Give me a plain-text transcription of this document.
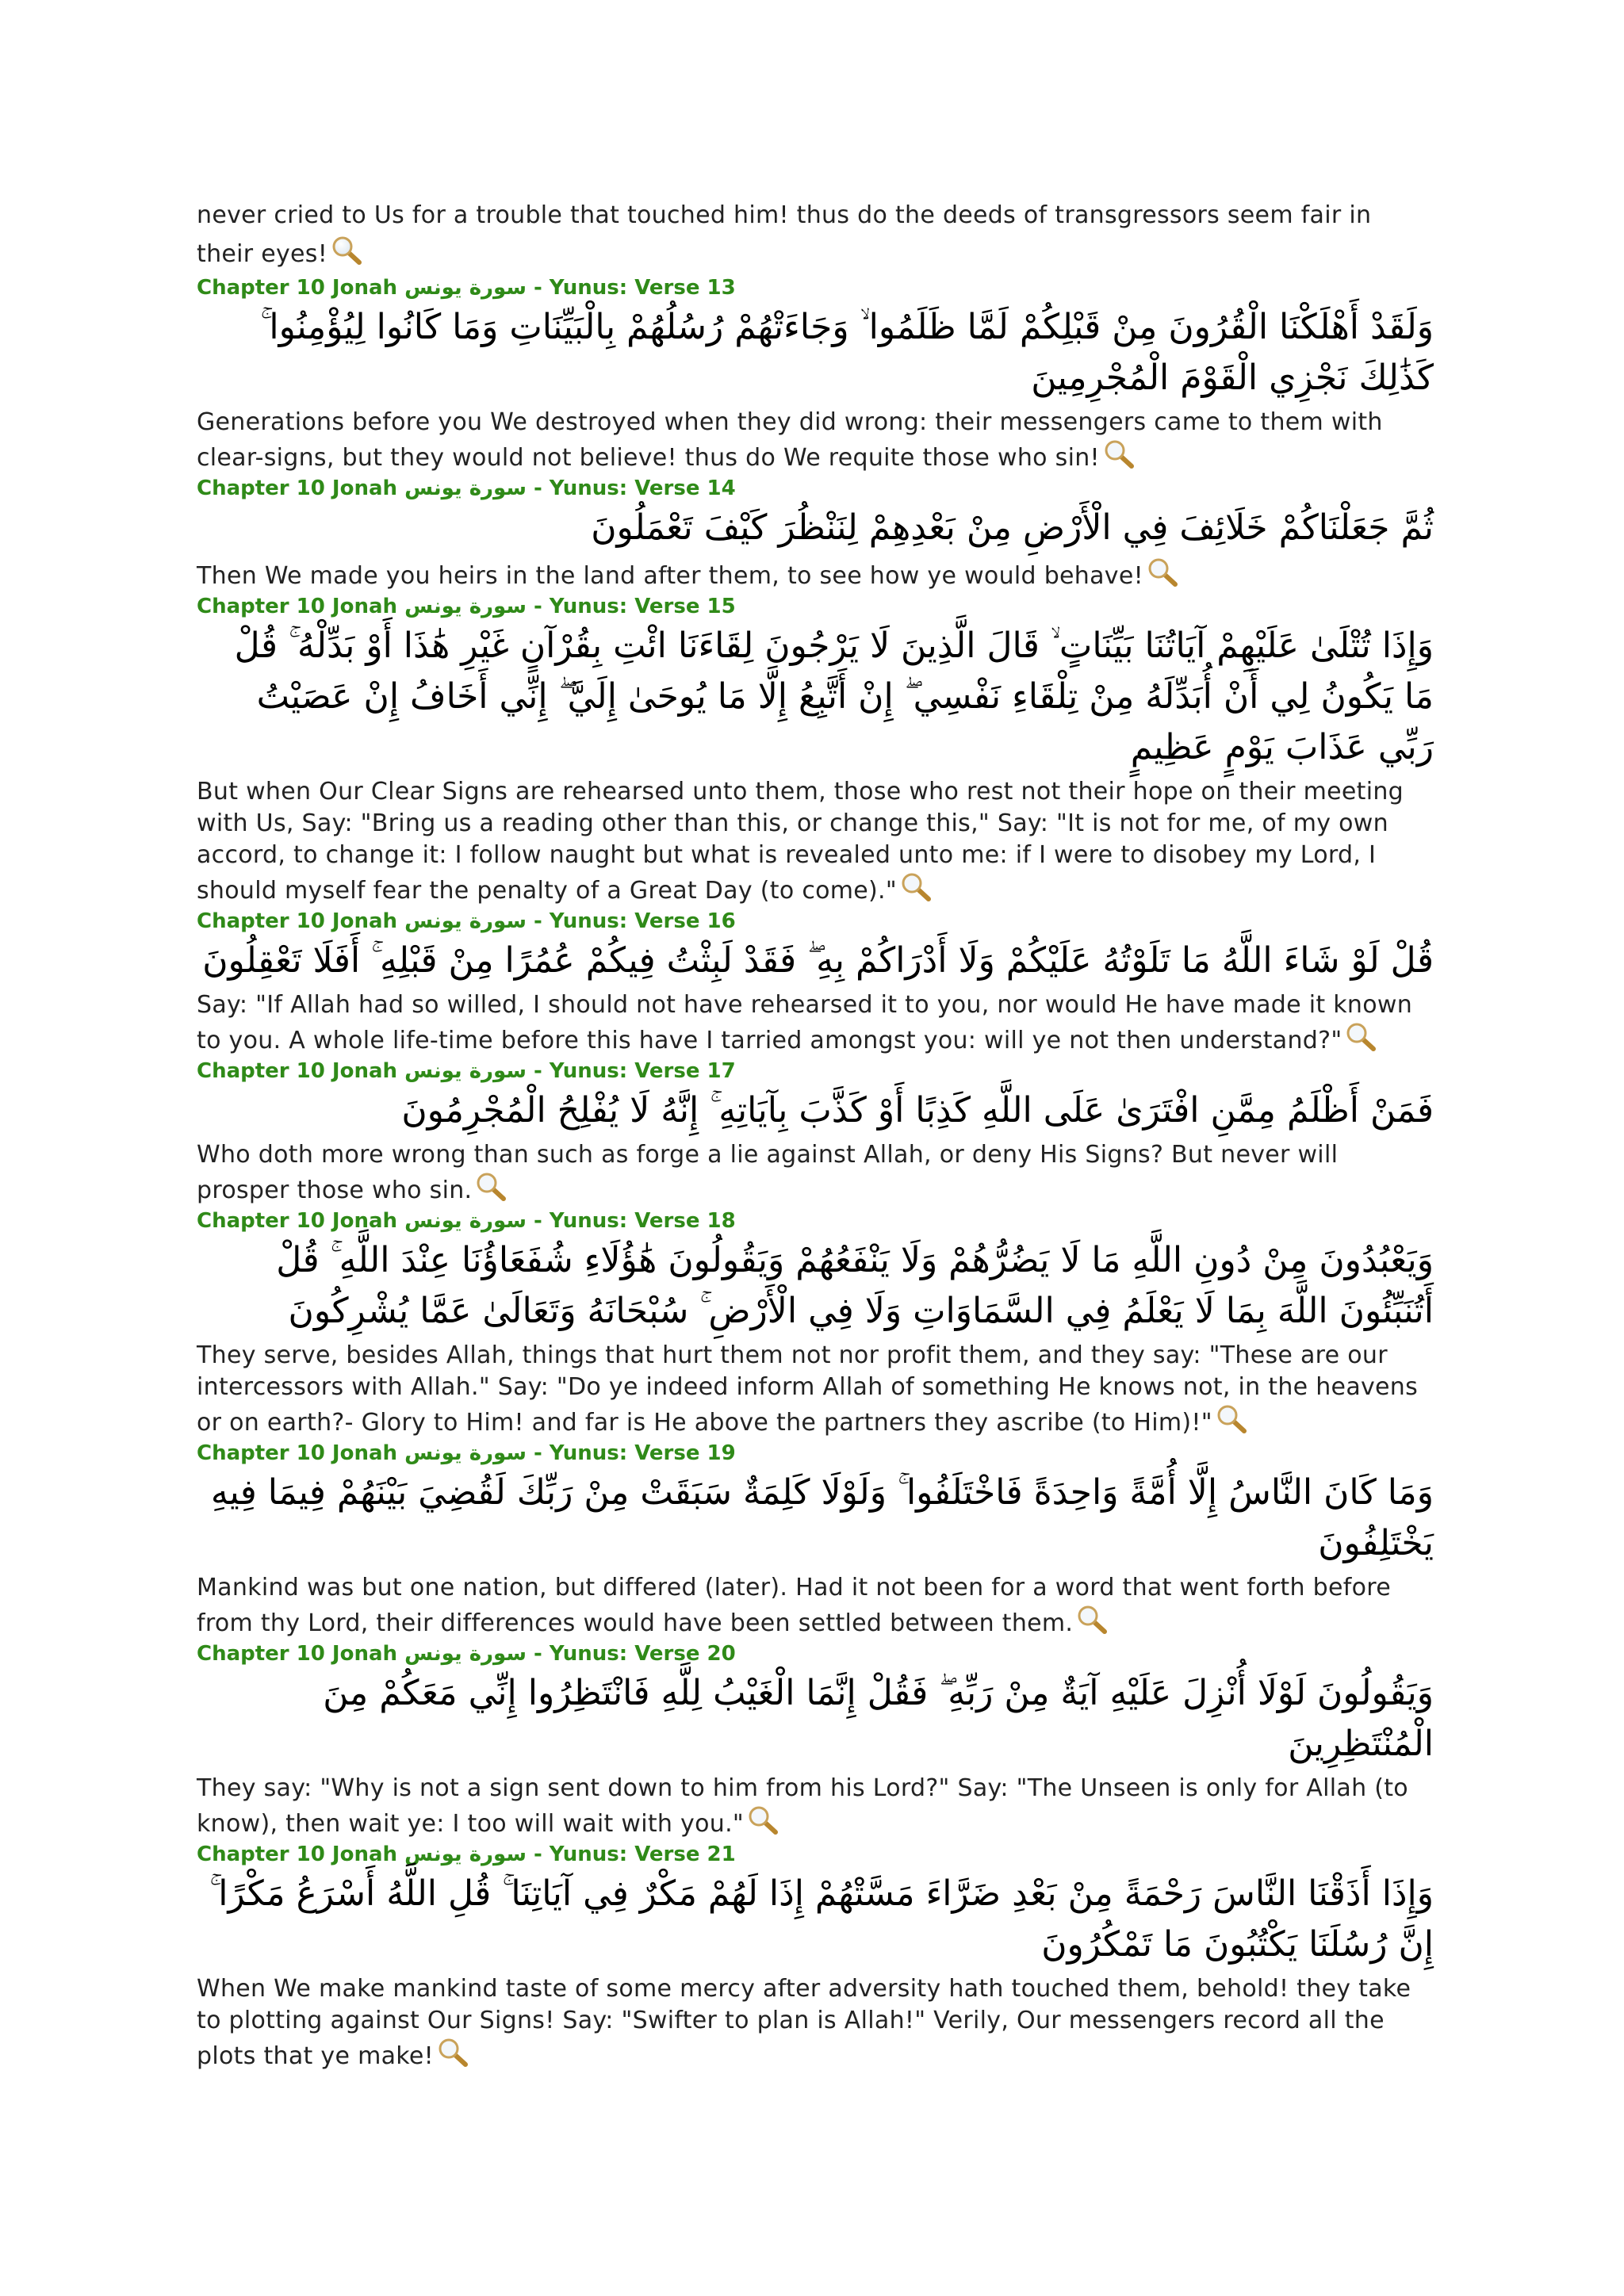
never cried to Us for a trouble that touched him! thus do the deeds of transgressors seem fair in their eyes!
Chapter 10 Jonah سورة يونس - Yunus: Verse 13
وَلَقَدْ أَهْلَكْنَا الْقُرُونَ مِنْ قَبْلِكُمْ لَمَّا ظَلَمُوا ۙ وَجَاءَتْهُمْ رُسُلُهُمْ بِالْبَيِّنَاتِ وَمَا كَانُوا لِيُؤْمِنُوا ۚ كَذَٰلِكَ نَجْزِي الْقَوْمَ الْمُجْرِمِينَ
Generations before you We destroyed when they did wrong: their messengers came to them with clear-signs, but they would not believe! thus do We requite those who sin!
Chapter 10 Jonah سورة يونس - Yunus: Verse 14
ثُمَّ جَعَلْنَاكُمْ خَلَائِفَ فِي الْأَرْضِ مِنْ بَعْدِهِمْ لِنَنْظُرَ كَيْفَ تَعْمَلُونَ
Then We made you heirs in the land after them, to see how ye would behave!
Chapter 10 Jonah سورة يونس - Yunus: Verse 15
وَإِذَا تُتْلَىٰ عَلَيْهِمْ آيَاتُنَا بَيِّنَاتٍ ۙ قَالَ الَّذِينَ لَا يَرْجُونَ لِقَاءَنَا ائْتِ بِقُرْآنٍ غَيْرِ هَٰذَا أَوْ بَدِّلْهُ ۚ قُلْ مَا يَكُونُ لِي أَنْ أُبَدِّلَهُ مِنْ تِلْقَاءِ نَفْسِي ۖ إِنْ أَتَّبِعُ إِلَّا مَا يُوحَىٰ إِلَيَّ ۖ إِنِّي أَخَافُ إِنْ عَصَيْتُ رَبِّي عَذَابَ يَوْمٍ عَظِيمٍ
But when Our Clear Signs are rehearsed unto them, those who rest not their hope on their meeting with Us, Say: "Bring us a reading other than this, or change this," Say: "It is not for me, of my own accord, to change it: I follow naught but what is revealed unto me: if I were to disobey my Lord, I should myself fear the penalty of a Great Day (to come)."
Chapter 10 Jonah سورة يونس - Yunus: Verse 16
قُلْ لَوْ شَاءَ اللَّهُ مَا تَلَوْتُهُ عَلَيْكُمْ وَلَا أَدْرَاكُمْ بِهِ ۖ فَقَدْ لَبِثْتُ فِيكُمْ عُمُرًا مِنْ قَبْلِهِ ۚ أَفَلَا تَعْقِلُونَ
Say: "If Allah had so willed, I should not have rehearsed it to you, nor would He have made it known to you. A whole life-time before this have I tarried amongst you: will ye not then understand?"
Chapter 10 Jonah سورة يونس - Yunus: Verse 17
فَمَنْ أَظْلَمُ مِمَّنِ افْتَرَىٰ عَلَى اللَّهِ كَذِبًا أَوْ كَذَّبَ بِآيَاتِهِ ۚ إِنَّهُ لَا يُفْلِحُ الْمُجْرِمُونَ
Who doth more wrong than such as forge a lie against Allah, or deny His Signs? But never will prosper those who sin.
Chapter 10 Jonah سورة يونس - Yunus: Verse 18
وَيَعْبُدُونَ مِنْ دُونِ اللَّهِ مَا لَا يَضُرُّهُمْ وَلَا يَنْفَعُهُمْ وَيَقُولُونَ هَٰؤُلَاءِ شُفَعَاؤُنَا عِنْدَ اللَّهِ ۚ قُلْ أَتُنَبِّئُونَ اللَّهَ بِمَا لَا يَعْلَمُ فِي السَّمَاوَاتِ وَلَا فِي الْأَرْضِ ۚ سُبْحَانَهُ وَتَعَالَىٰ عَمَّا يُشْرِكُونَ
They serve, besides Allah, things that hurt them not nor profit them, and they say: "These are our intercessors with Allah." Say: "Do ye indeed inform Allah of something He knows not, in the heavens or on earth?- Glory to Him! and far is He above the partners they ascribe (to Him)!"
Chapter 10 Jonah سورة يونس - Yunus: Verse 19
وَمَا كَانَ النَّاسُ إِلَّا أُمَّةً وَاحِدَةً فَاخْتَلَفُوا ۚ وَلَوْلَا كَلِمَةٌ سَبَقَتْ مِنْ رَبِّكَ لَقُضِيَ بَيْنَهُمْ فِيمَا فِيهِ يَخْتَلِفُونَ
Mankind was but one nation, but differed (later). Had it not been for a word that went forth before from thy Lord, their differences would have been settled between them.
Chapter 10 Jonah سورة يونس - Yunus: Verse 20
وَيَقُولُونَ لَوْلَا أُنْزِلَ عَلَيْهِ آيَةٌ مِنْ رَبِّهِ ۖ فَقُلْ إِنَّمَا الْغَيْبُ لِلَّهِ فَانْتَظِرُوا إِنِّي مَعَكُمْ مِنَ الْمُنْتَظِرِينَ
They say: "Why is not a sign sent down to him from his Lord?" Say: "The Unseen is only for Allah (to know), then wait ye: I too will wait with you."
Chapter 10 Jonah سورة يونس - Yunus: Verse 21
وَإِذَا أَذَقْنَا النَّاسَ رَحْمَةً مِنْ بَعْدِ ضَرَّاءَ مَسَّتْهُمْ إِذَا لَهُمْ مَكْرٌ فِي آيَاتِنَا ۚ قُلِ اللَّهُ أَسْرَعُ مَكْرًا ۚ إِنَّ رُسُلَنَا يَكْتُبُونَ مَا تَمْكُرُونَ
When We make mankind taste of some mercy after adversity hath touched them, behold! they take to plotting against Our Signs! Say: "Swifter to plan is Allah!" Verily, Our messengers record all the plots that ye make!
